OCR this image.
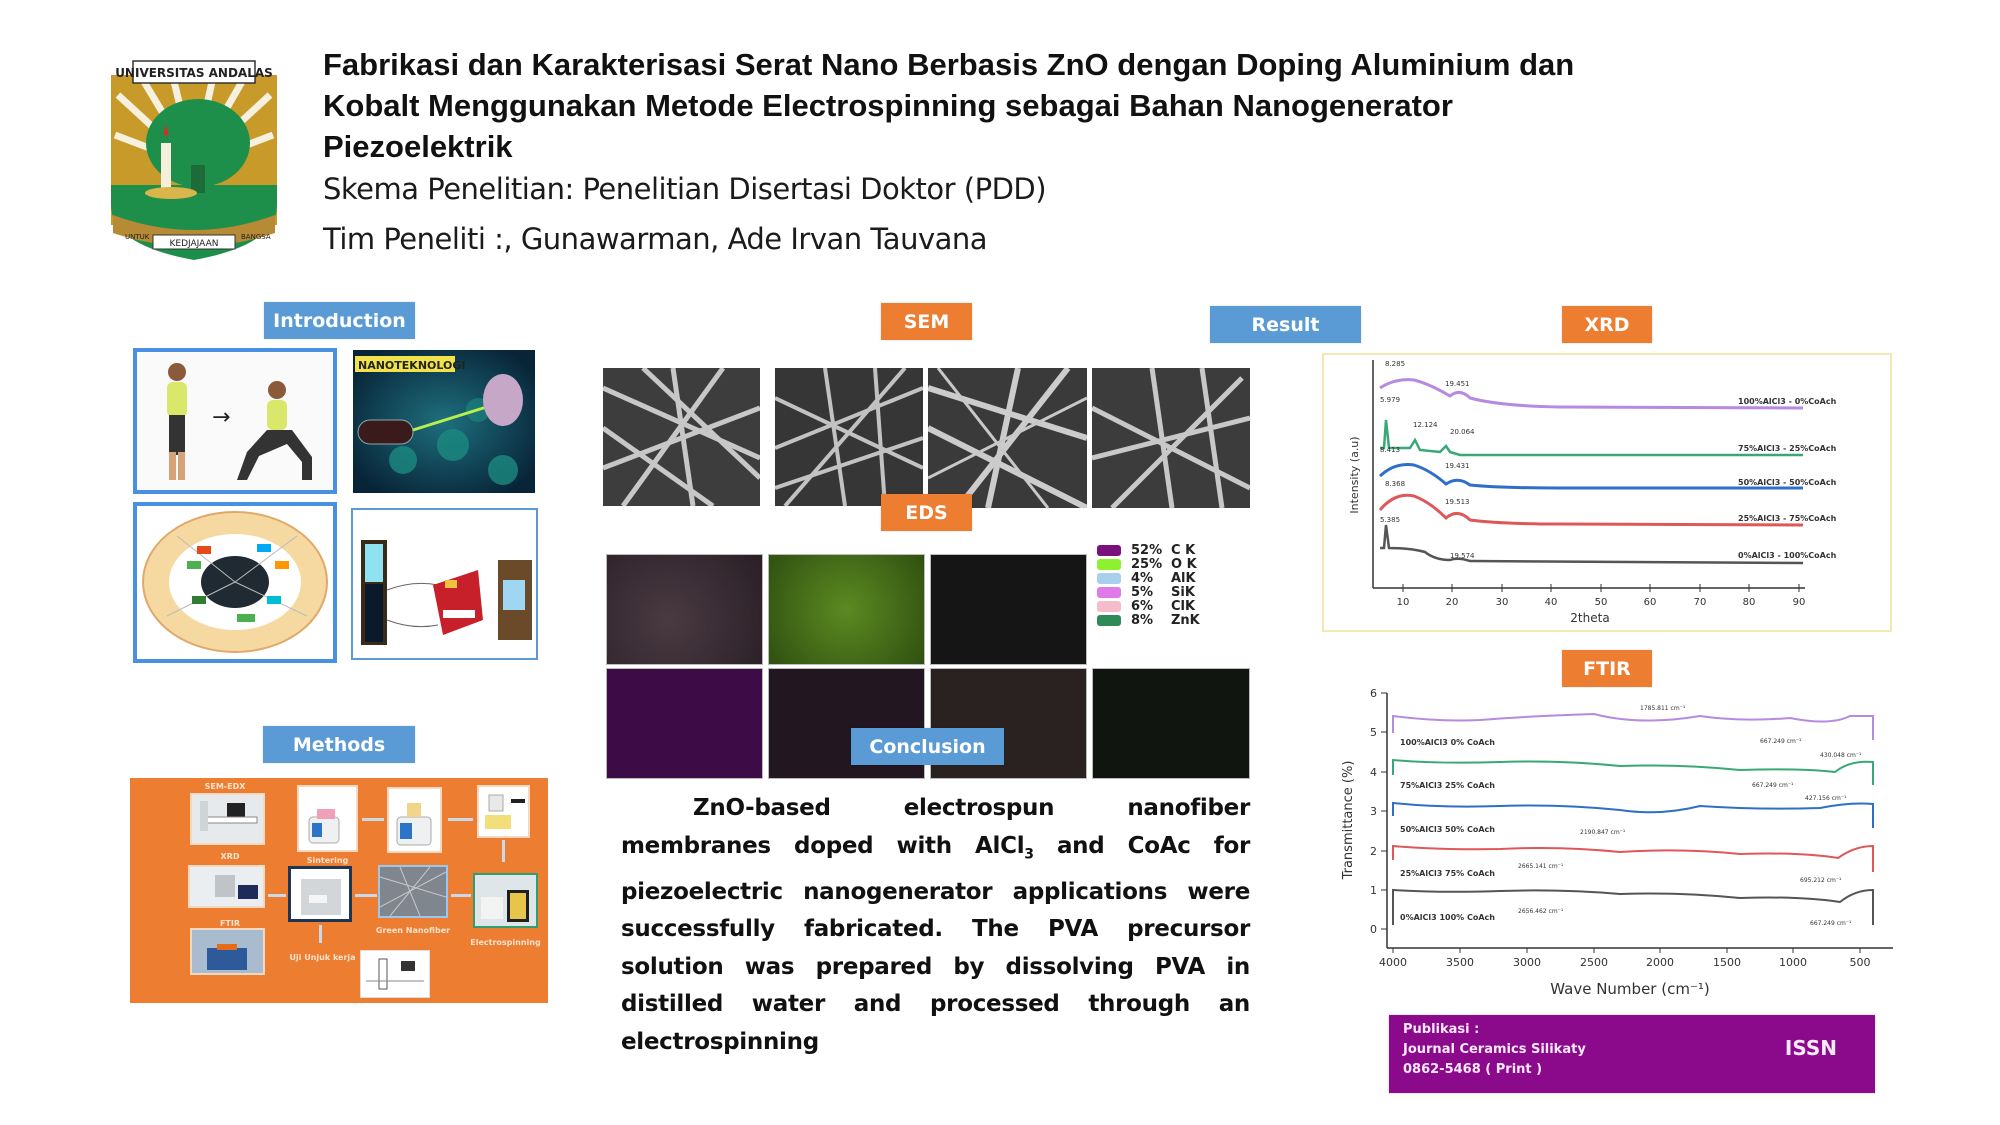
UNIVERSITAS ANDALAS
KEDJAJAAN
UNTUK	BANGSA
Fabrikasi dan Karakterisasi Serat Nano Berbasis ZnO dengan Doping Aluminium dan
Kobalt Menggunakan Metode Electrospinning sebagai Bahan Nanogenerator
Piezoelektrik
Skema Penelitian: Penelitian Disertasi Doktor (PDD)
Tim Peneliti :, Gunawarman, Ade Irvan Tauvana
Introduction
→
NANOTEKNOLOGI
Methods
SEM-EDX
XRD
FTIR
Sintering
Green Nanofiber
Electrospinning
Uji Unjuk kerja
SEM
EDS
52% C K
25% O K
4%	AlK
5%	SiK
6%	ClK
8%	ZnK
Conclusion
ZnO-based electrospun nanofiber membranes doped with AlCl$_3$ and CoAc for piezoelectric nanogenerator applications were successfully fabricated. The PVA precursor solution was prepared by dissolving PVA in distilled water and processed through an electrospinning
Result	XRD
10	20	30	40	50	60	70	80	90
2theta
Intensity (a.u)
8.285
19.451
5.979
12.124
20.064
8.413
19.431
8.368
19.513
5.385
19.574
100%AlCl3 - 0%CoAch
75%AlCl3 - 25%CoAch
50%AlCl3 - 50%CoAch
25%AlCl3 - 75%CoAch
0%AlCl3 - 100%CoAch
FTIR
6
5
4
3
2
1
0
4000	3500	3000	2500	2000	1500	1000	500
Wave Number (cm⁻¹)
Transmittance (%)
100%AlCl3 0% CoAch
75%AlCl3 25% CoAch
50%AlCl3 50% CoAch
25%AlCl3 75% CoAch
0%AlCl3 100% CoAch
1785.811 cm⁻¹
667.249 cm⁻¹
430.048 cm⁻¹
667.249 cm⁻¹
427.156 cm⁻¹
2190.847 cm⁻¹
2665.141 cm⁻¹
695.212 cm⁻¹
2656.462 cm⁻¹
667.249 cm⁻¹
Publikasi :
Journal Ceramics Silikaty
0862-5468 ( Print )
ISSN
